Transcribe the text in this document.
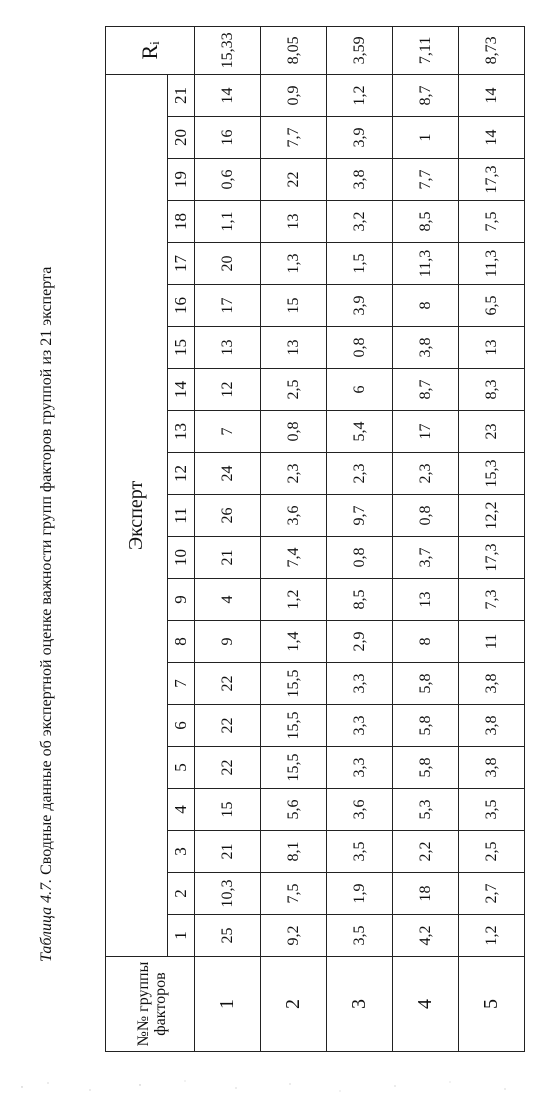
Таблица 4.7. Сводные данные об экспертной оценке важности групп факторов группой из 21 эксперта
№№ группы факторов	Эксперт																					Rᵢ
	1	2	3	4	5	6	7	8	9	10	11	12	13	14	15	16	17	18	19	20	21	
1	25	10,3	21	15	22	22	22	9	4	21	26	24	7	12	13	17	20	1,1	0,6	16	14	15,33
2	9,2	7,5	8,1	5,6	15,5	15,5	15,5	1,4	1,2	7,4	3,6	2,3	0,8	2,5	13	15	1,3	13	22	7,7	0,9	8,05
3	3,5	1,9	3,5	3,6	3,3	3,3	3,3	2,9	8,5	0,8	9,7	2,3	5,4	6	0,8	3,9	1,5	3,2	3,8	3,9	1,2	3,59
4	4,2	18	2,2	5,3	5,8	5,8	5,8	8	13	3,7	0,8	2,3	17	8,7	3,8	8	11,3	8,5	7,7	1	8,7	7,11
5	1,2	2,7	2,5	3,5	3,8	3,8	3,8	11	7,3	17,3	12,2	15,3	23	8,3	13	6,5	11,3	7,5	17,3	14	14	8,73
